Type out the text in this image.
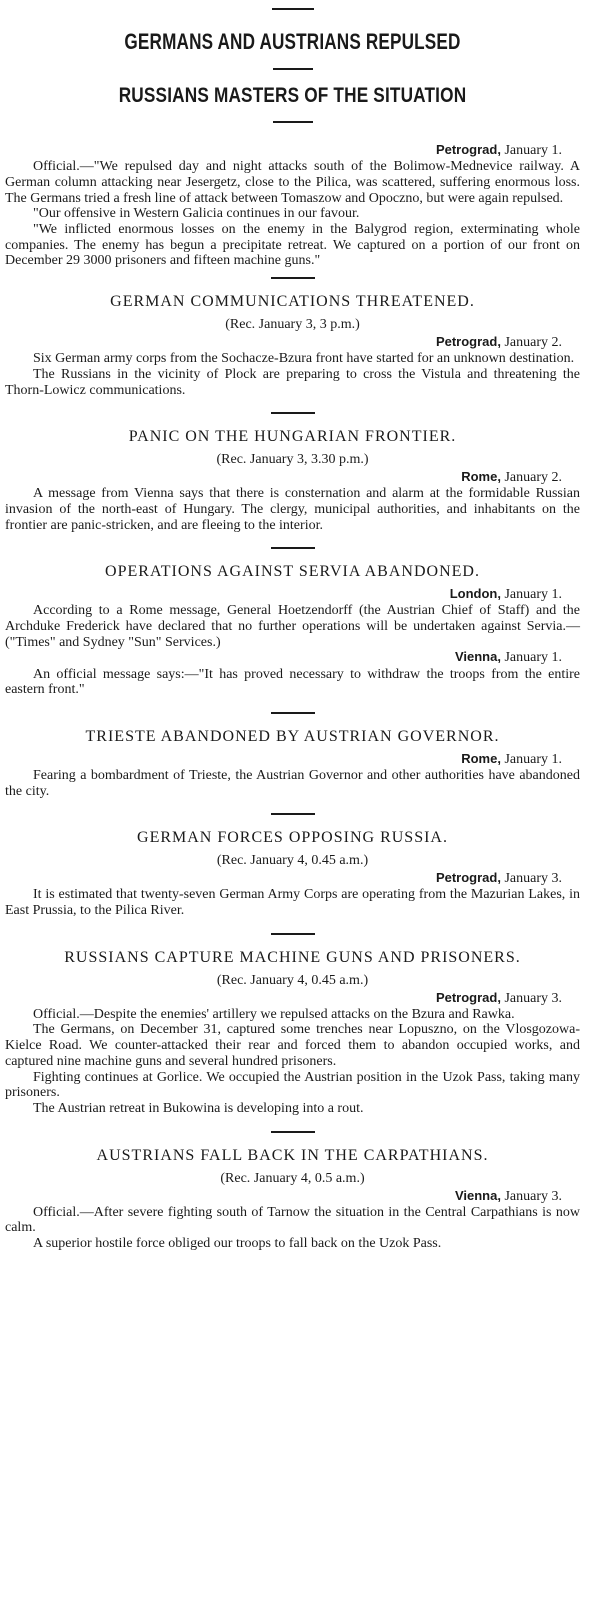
GERMANS AND AUSTRIANS REPULSED
RUSSIANS MASTERS OF THE SITUATION

Petrograd, January 1.

Official.—"We repulsed day and night attacks south of the Bolimow-Mednevice railway. A German column attacking near Jesergetz, close to the Pilica, was scattered, suffering enormous loss. The Germans tried a fresh line of attack between Tomaszow and Opoczno, but were again repulsed.

"Our offensive in Western Galicia continues in our favour.

"We inflicted enormous losses on the enemy in the Balygrod region, exterminating whole companies. The enemy has begun a precipitate retreat. We captured on a portion of our front on December 29 3000 prisoners and fifteen machine guns."

GERMAN COMMUNICATIONS THREATENED.

(Rec. January 3, 3 p.m.)

Petrograd, January 2.

Six German army corps from the Sochacze-Bzura front have started for an unknown destination.

The Russians in the vicinity of Plock are preparing to cross the Vistula and threatening the Thorn-Lowicz communications.

PANIC ON THE HUNGARIAN FRONTIER.

(Rec. January 3, 3.30 p.m.)

Rome, January 2.

A message from Vienna says that there is consternation and alarm at the formidable Russian invasion of the north-east of Hungary. The clergy, municipal authorities, and inhabitants on the frontier are panic-stricken, and are fleeing to the interior.

OPERATIONS AGAINST SERVIA ABANDONED.

London, January 1.

According to a Rome message, General Hoetzendorff (the Austrian Chief of Staff) and the Archduke Frederick have declared that no further operations will be undertaken against Servia.—("Times" and Sydney "Sun" Services.)

Vienna, January 1.

An official message says:—"It has proved necessary to withdraw the troops from the entire eastern front."

TRIESTE ABANDONED BY AUSTRIAN GOVERNOR.

Rome, January 1.

Fearing a bombardment of Trieste, the Austrian Governor and other authorities have abandoned the city.

GERMAN FORCES OPPOSING RUSSIA.

(Rec. January 4, 0.45 a.m.)

Petrograd, January 3.

It is estimated that twenty-seven German Army Corps are operating from the Mazurian Lakes, in East Prussia, to the Pilica River.

RUSSIANS CAPTURE MACHINE GUNS AND PRISONERS.

(Rec. January 4, 0.45 a.m.)

Petrograd, January 3.

Official.—Despite the enemies' artillery we repulsed attacks on the Bzura and Rawka.

The Germans, on December 31, captured some trenches near Lopuszno, on the Vlosgozowa-Kielce Road. We counter-attacked their rear and forced them to abandon occupied works, and captured nine machine guns and several hundred prisoners.

Fighting continues at Gorlice. We occupied the Austrian position in the Uzok Pass, taking many prisoners.

The Austrian retreat in Bukowina is developing into a rout.

AUSTRIANS FALL BACK IN THE CARPATHIANS.

(Rec. January 4, 0.5 a.m.)

Vienna, January 3.

Official.—After severe fighting south of Tarnow the situation in the Central Carpathians is now calm.

A superior hostile force obliged our troops to fall back on the Uzok Pass.
